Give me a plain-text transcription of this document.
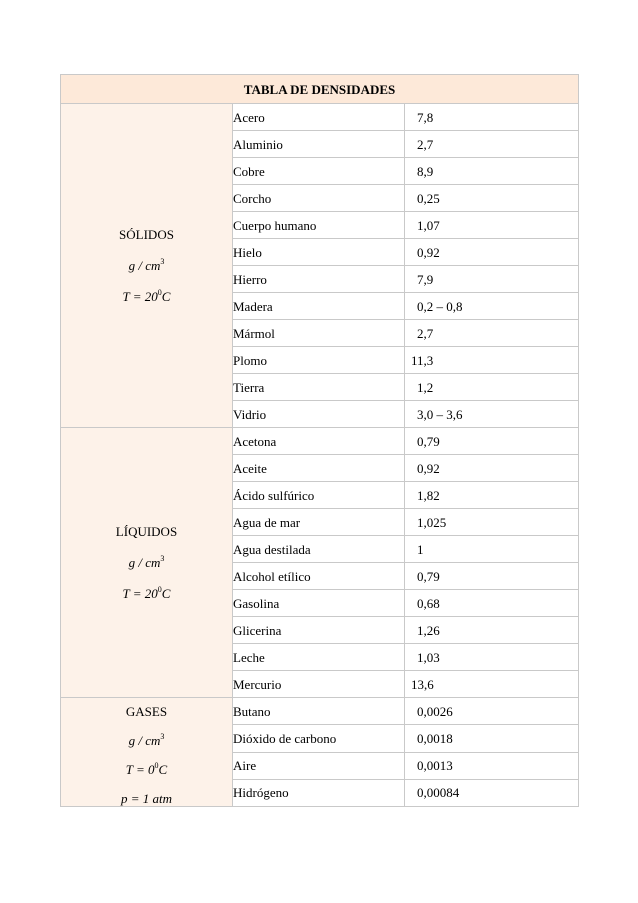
TABLA DE DENSIDADES		

SÓLIDOS
g / $cm^3$
$T = 20^0C$	Acero	7,8
	Aluminio	2,7
	Cobre	8,9
	Corcho	0,25
	Cuerpo humano	1,07
	Hielo	0,92
	Hierro	7,9
	Madera	0,2 – 0,8
	Mármol	2,7
	Plomo	11,3
	Tierra	1,2
	Vidrio	3,0 – 3,6

LÍQUIDOS
g / $cm^3$
$T = 20^0C$	Acetona	0,79
	Aceite	0,92
	Ácido sulfúrico	1,82
	Agua de mar	1,025
	Agua destilada	1
	Alcohol etílico	0,79
	Gasolina	0,68
	Glicerina	1,26
	Leche	1,03
	Mercurio	13,6

GASES
g / $cm^3$
$T = 0^0C$
p = 1 atm	Butano	0,0026
	Dióxido de carbono	0,0018
	Aire	0,0013
	Hidrógeno	0,00084
